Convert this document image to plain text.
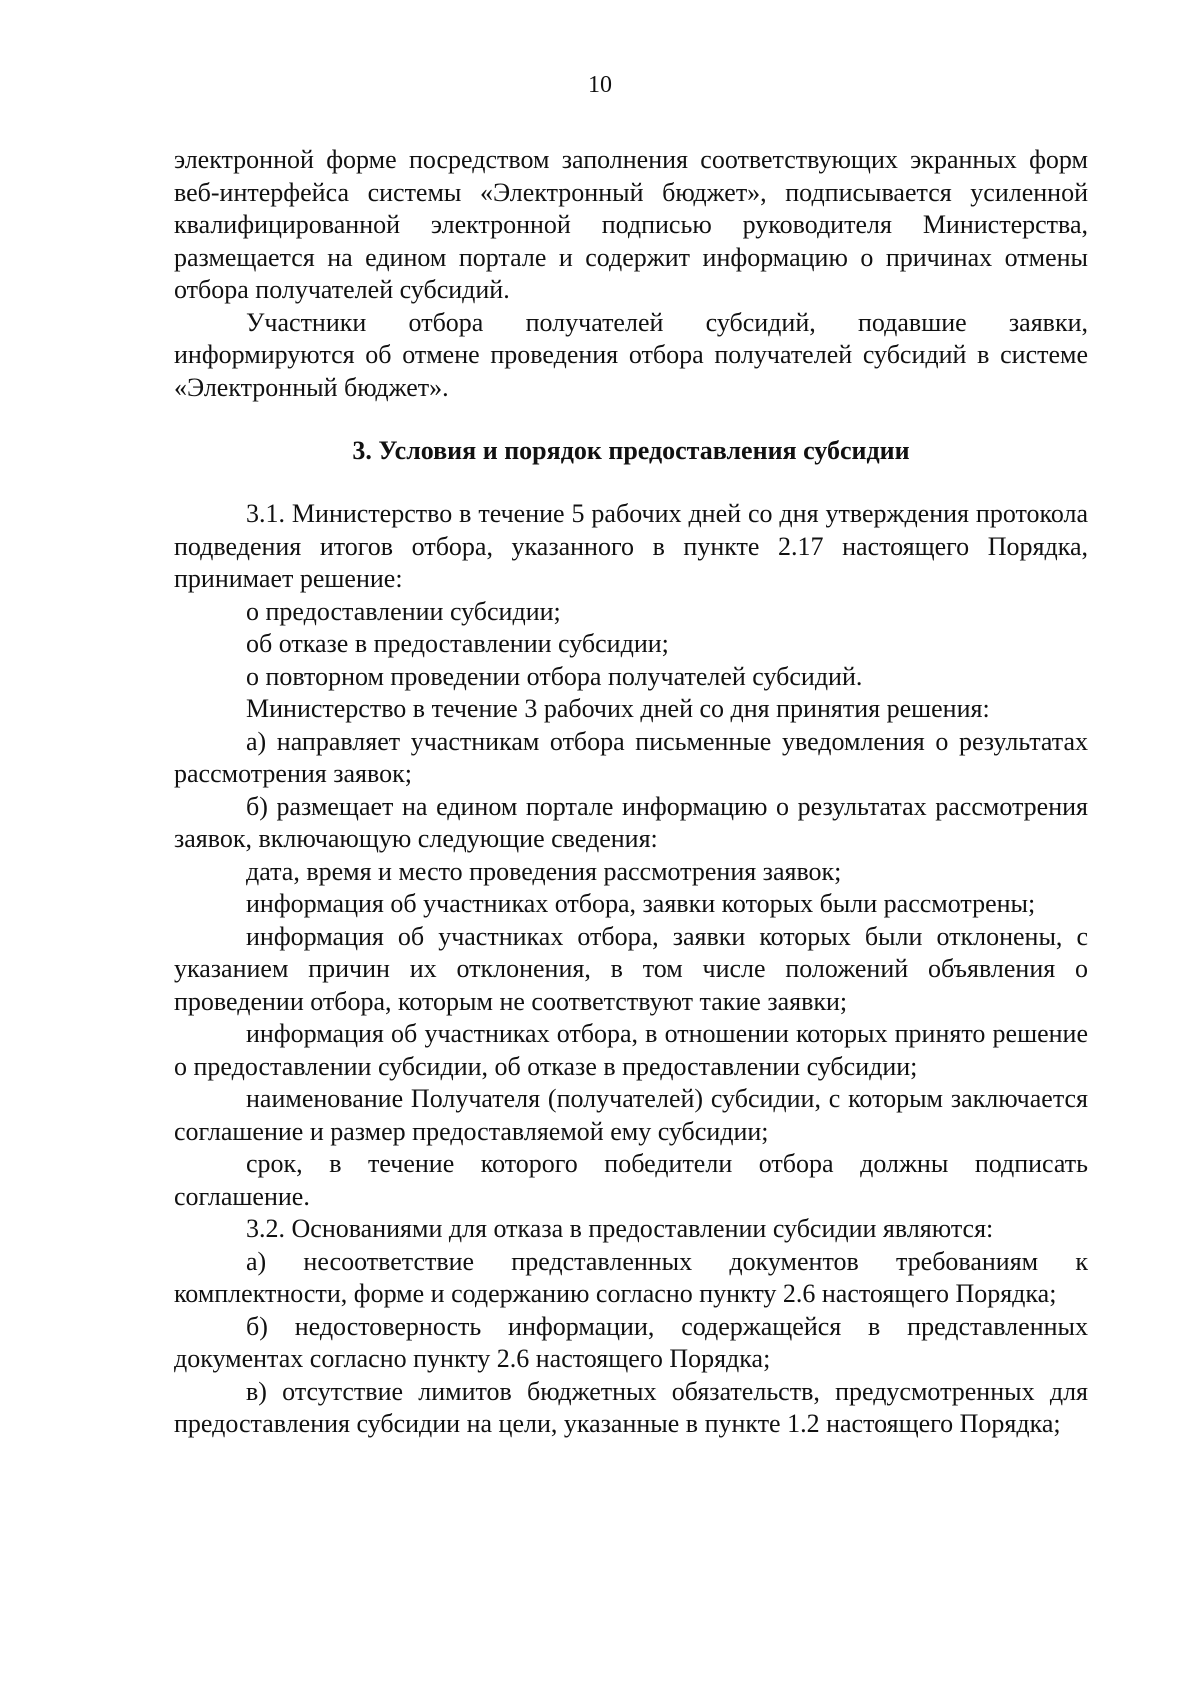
10

электронной форме посредством заполнения соответствующих экранных форм веб-интерфейса системы «Электронный бюджет», подписывается усиленной квалифицированной электронной подписью руководителя Министерства, размещается на едином портале и содержит информацию о причинах отмены отбора получателей субсидий.

Участники отбора получателей субсидий, подавшие заявки, информируются об отмене проведения отбора получателей субсидий в системе «Электронный бюджет».

3. Условия и порядок предоставления субсидии

3.1. Министерство в течение 5 рабочих дней со дня утверждения протокола подведения итогов отбора, указанного в пункте 2.17 настоящего Порядка, принимает решение:

о предоставлении субсидии;

об отказе в предоставлении субсидии;

о повторном проведении отбора получателей субсидий.

Министерство в течение 3 рабочих дней со дня принятия решения:

а) направляет участникам отбора письменные уведомления о результатах рассмотрения заявок;

б) размещает на едином портале информацию о результатах рассмотрения заявок, включающую следующие сведения:

дата, время и место проведения рассмотрения заявок;

информация об участниках отбора, заявки которых были рассмотрены;

информация об участниках отбора, заявки которых были отклонены, с указанием причин их отклонения, в том числе положений объявления о проведении отбора, которым не соответствуют такие заявки;

информация об участниках отбора, в отношении которых принято решение о предоставлении субсидии, об отказе в предоставлении субсидии;

наименование Получателя (получателей) субсидии, с которым заключается соглашение и размер предоставляемой ему субсидии;

срок, в течение которого победители отбора должны подписать соглашение.

3.2. Основаниями для отказа в предоставлении субсидии являются:

а) несоответствие представленных документов требованиям к комплектности, форме и содержанию согласно пункту 2.6 настоящего Порядка;

б) недостоверность информации, содержащейся в представленных документах согласно пункту 2.6 настоящего Порядка;

в) отсутствие лимитов бюджетных обязательств, предусмотренных для предоставления субсидии на цели, указанные в пункте 1.2 настоящего Порядка;
